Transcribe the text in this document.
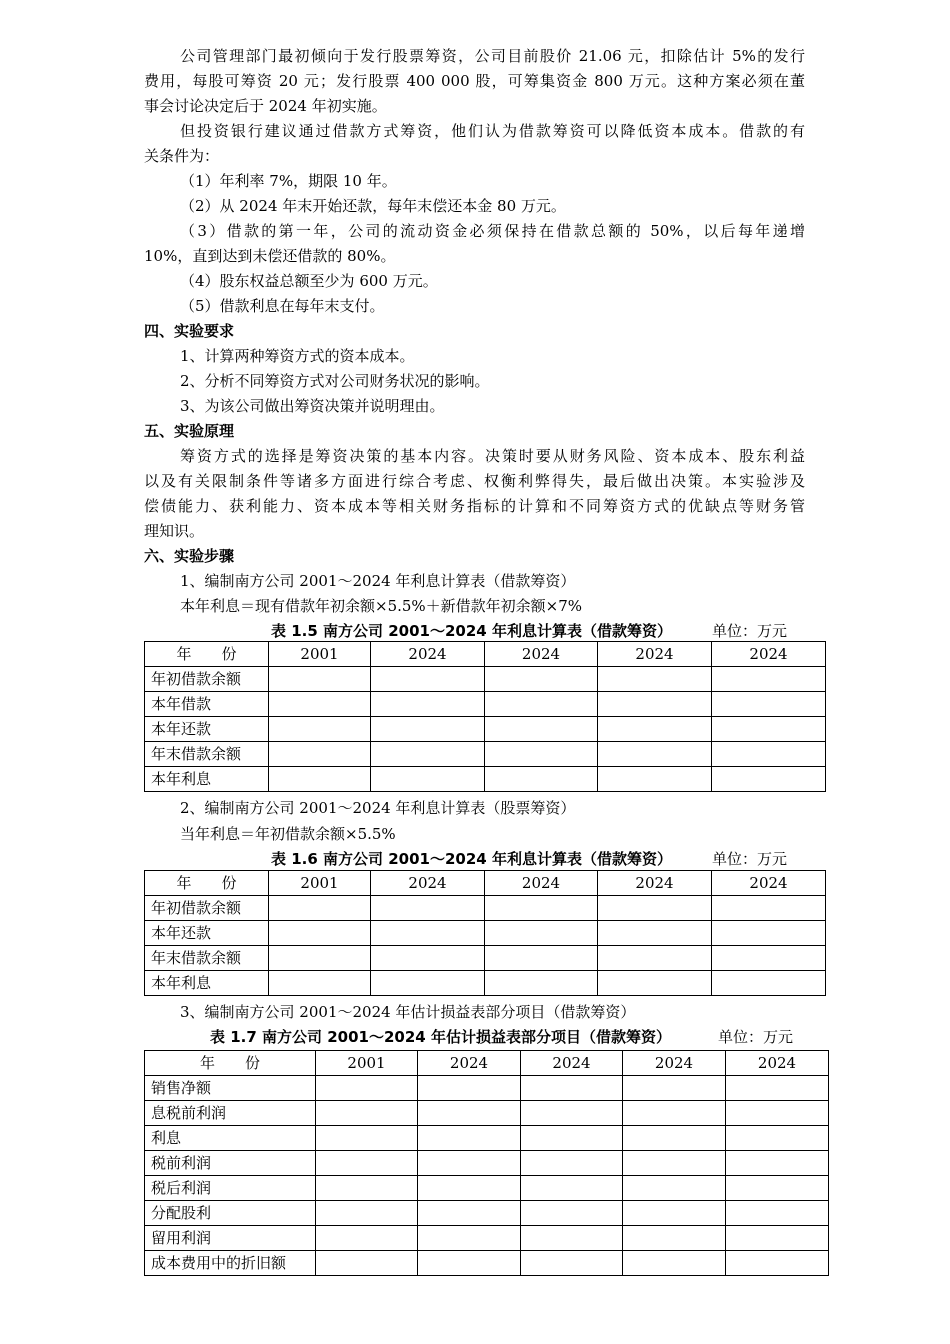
公司管理部门最初倾向于发行股票筹资，公司目前股价 21.06 元，扣除估计 5%的发行
费用，每股可筹资 20 元；发行股票 400 000 股，可筹集资金 800 万元。这种方案必须在董
事会讨论决定后于 2024 年初实施。
但投资银行建议通过借款方式筹资，他们认为借款筹资可以降低资本成本。借款的有
关条件为：
（1）年利率 7%，期限 10 年。
（2）从 2024 年末开始还款，每年末偿还本金 80 万元。
（3）借款的第一年，公司的流动资金必须保持在借款总额的 50%，以后每年递增
10%，直到达到未偿还借款的 80%。
（4）股东权益总额至少为 600 万元。
（5）借款利息在每年末支付。
四、实验要求
1、计算两种筹资方式的资本成本。
2、分析不同筹资方式对公司财务状况的影响。
3、为该公司做出筹资决策并说明理由。
五、实验原理
筹资方式的选择是筹资决策的基本内容。决策时要从财务风险、资本成本、股东利益
以及有关限制条件等诸多方面进行综合考虑、权衡利弊得失，最后做出决策。本实验涉及
偿债能力、获利能力、资本成本等相关财务指标的计算和不同筹资方式的优缺点等财务管
理知识。
六、实验步骤
1、编制南方公司 2001～2024 年利息计算表（借款筹资）
本年利息＝现有借款年初余额×5.5%＋新借款年初余额×7%
表 1.5 南方公司 2001～2024 年利息计算表（借款筹资）	单位：万元
年　　份	2001	2024	2024	2024	2024
年初借款余额					
本年借款					
本年还款					
年末借款余额					
本年利息					
2、编制南方公司 2001～2024 年利息计算表（股票筹资）
当年利息＝年初借款余额×5.5%
表 1.6 南方公司 2001～2024 年利息计算表（借款筹资）	单位：万元
年　　份	2001	2024	2024	2024	2024
年初借款余额					
本年还款					
年末借款余额					
本年利息					
3、编制南方公司 2001～2024 年估计损益表部分项目（借款筹资）
表 1.7 南方公司 2001～2024 年估计损益表部分项目（借款筹资）	单位：万元
年　　份	2001	2024	2024	2024	2024
销售净额					
息税前利润					
利息					
税前利润					
税后利润					
分配股利					
留用利润					
成本费用中的折旧额					
